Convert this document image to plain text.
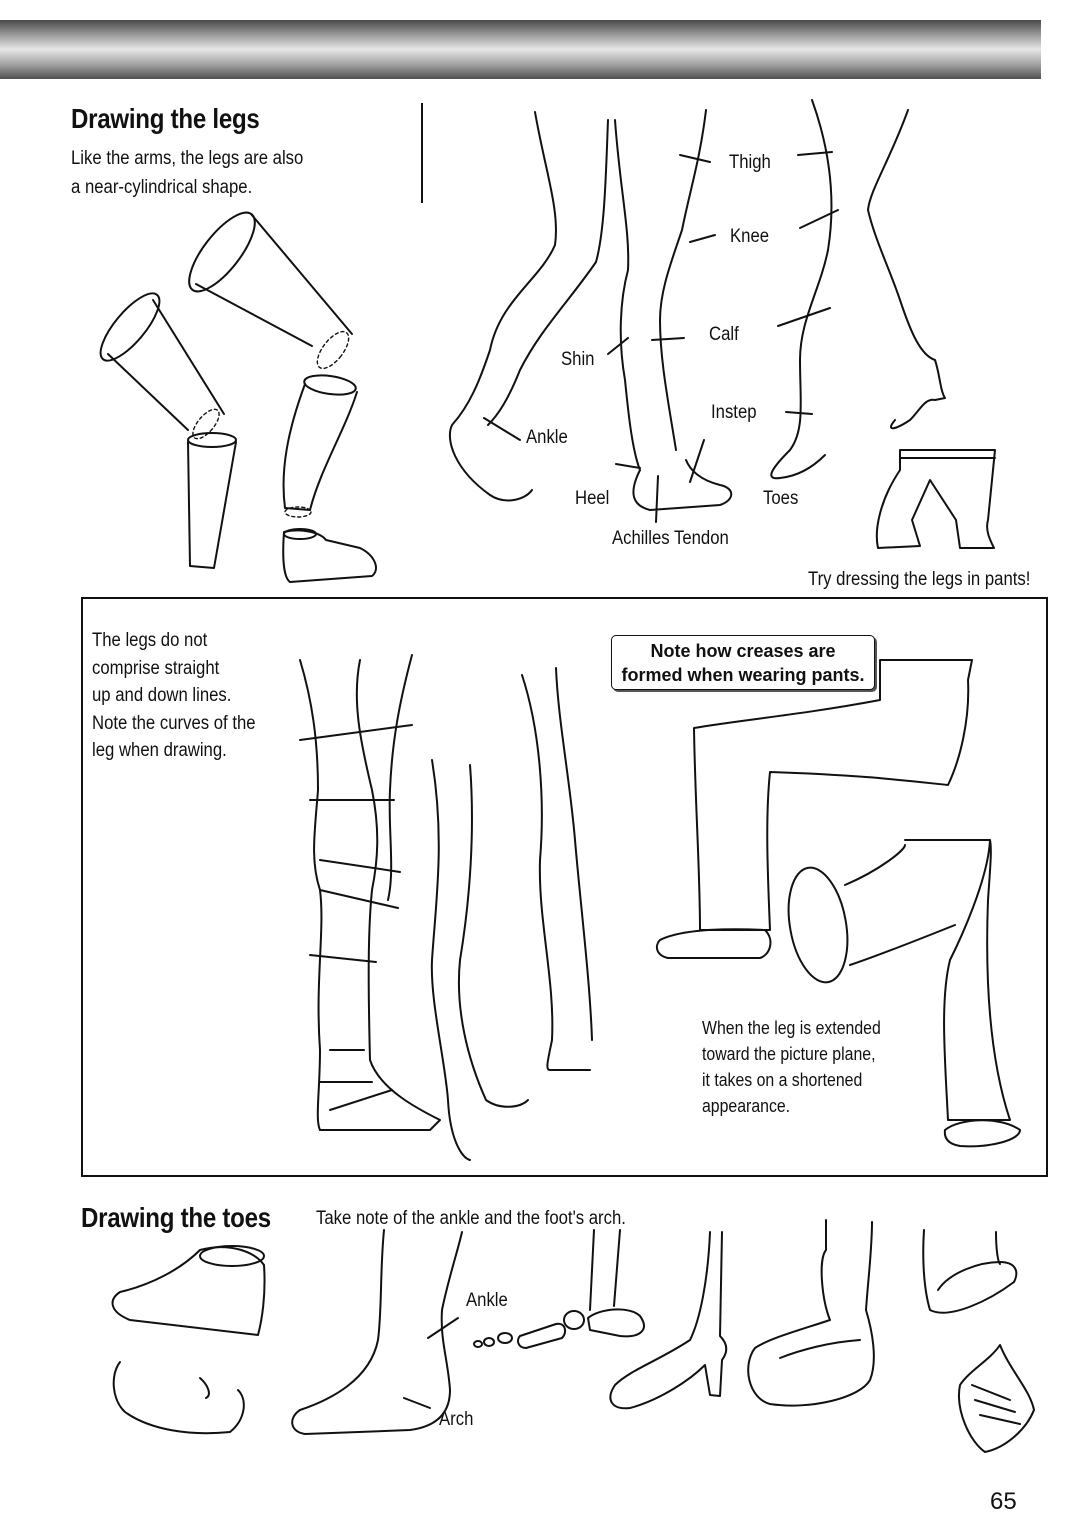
Drawing the legs
Like the arms, the legs are also
a near-cylindrical shape.
Thigh
Knee
Calf
Shin
Instep
Ankle
Heel	Toes
Achilles Tendon
Try dressing the legs in pants!
The legs do not
comprise straight
up and down lines.
Note the curves of the
leg when drawing.
Note how creases are
formed when wearing pants.
When the leg is extended
toward the picture plane,
it takes on a shortened
appearance.
Drawing the toes Take note of the ankle and the foot's arch.
Ankle
Arch
65
